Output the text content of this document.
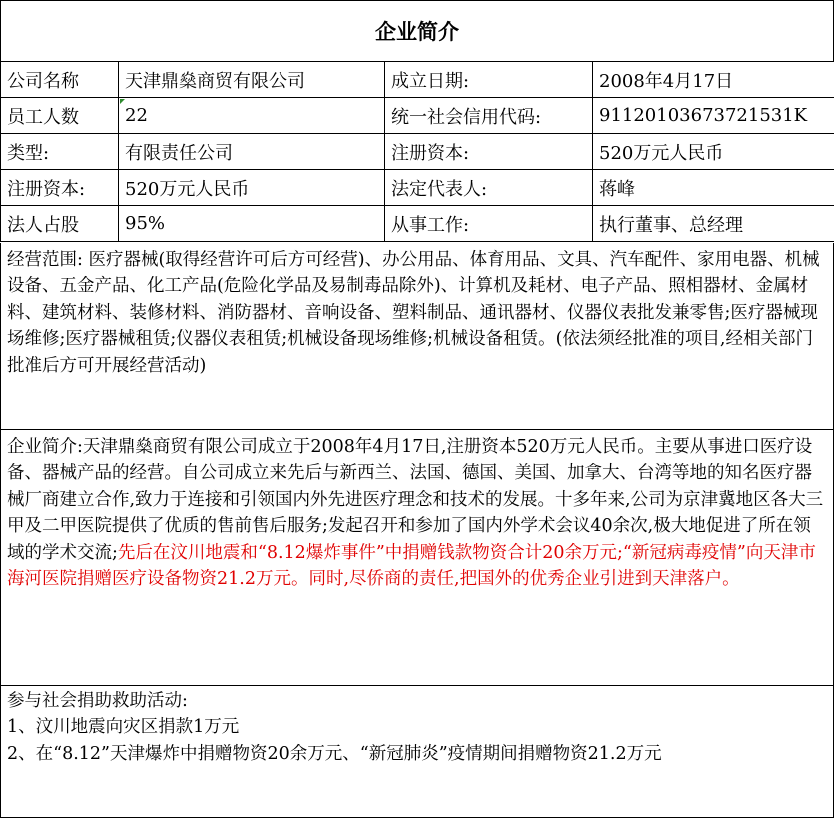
企业简介
公司名称	天津鼎燊商贸有限公司	成立日期:	2008年4月17日
员工人数	22	统一社会信用代码:	91120103673721531K
类型:	有限责任公司	注册资本:	520万元人民币
注册资本:	520万元人民币	法定代表人:	蒋峰
法人占股	95%	从事工作:	执行董事、总经理
经营范围: 医疗器械(取得经营许可后方可经营)、办公用品、体育用品、文具、汽车配件、家用电器、机械设备、五金产品、化工产品(危险化学品及易制毒品除外)、计算机及耗材、电子产品、照相器材、金属材料、建筑材料、装修材料、消防器材、音响设备、塑料制品、通讯器材、仪器仪表批发兼零售;医疗器械现场维修;医疗器械租赁;仪器仪表租赁;机械设备现场维修;机械设备租赁。(依法须经批准的项目,经相关部门批准后方可开展经营活动)
企业简介:天津鼎燊商贸有限公司成立于2008年4月17日,注册资本520万元人民币。主要从事进口医疗设备、器械产品的经营。自公司成立来先后与新西兰、法国、德国、美国、加拿大、台湾等地的知名医疗器械厂商建立合作,致力于连接和引领国内外先进医疗理念和技术的发展。十多年来,公司为京津冀地区各大三甲及二甲医院提供了优质的售前售后服务;发起召开和参加了国内外学术会议40余次,极大地促进了所在领域的学术交流;先后在汶川地震和“8.12爆炸事件”中捐赠钱款物资合计20余万元;“新冠病毒疫情”向天津市海河医院捐赠医疗设备物资21.2万元。同时,尽侨商的责任,把国外的优秀企业引进到天津落户。
参与社会捐助救助活动:
1、汶川地震向灾区捐款1万元
2、在“8.12”天津爆炸中捐赠物资20余万元、“新冠肺炎”疫情期间捐赠物资21.2万元
